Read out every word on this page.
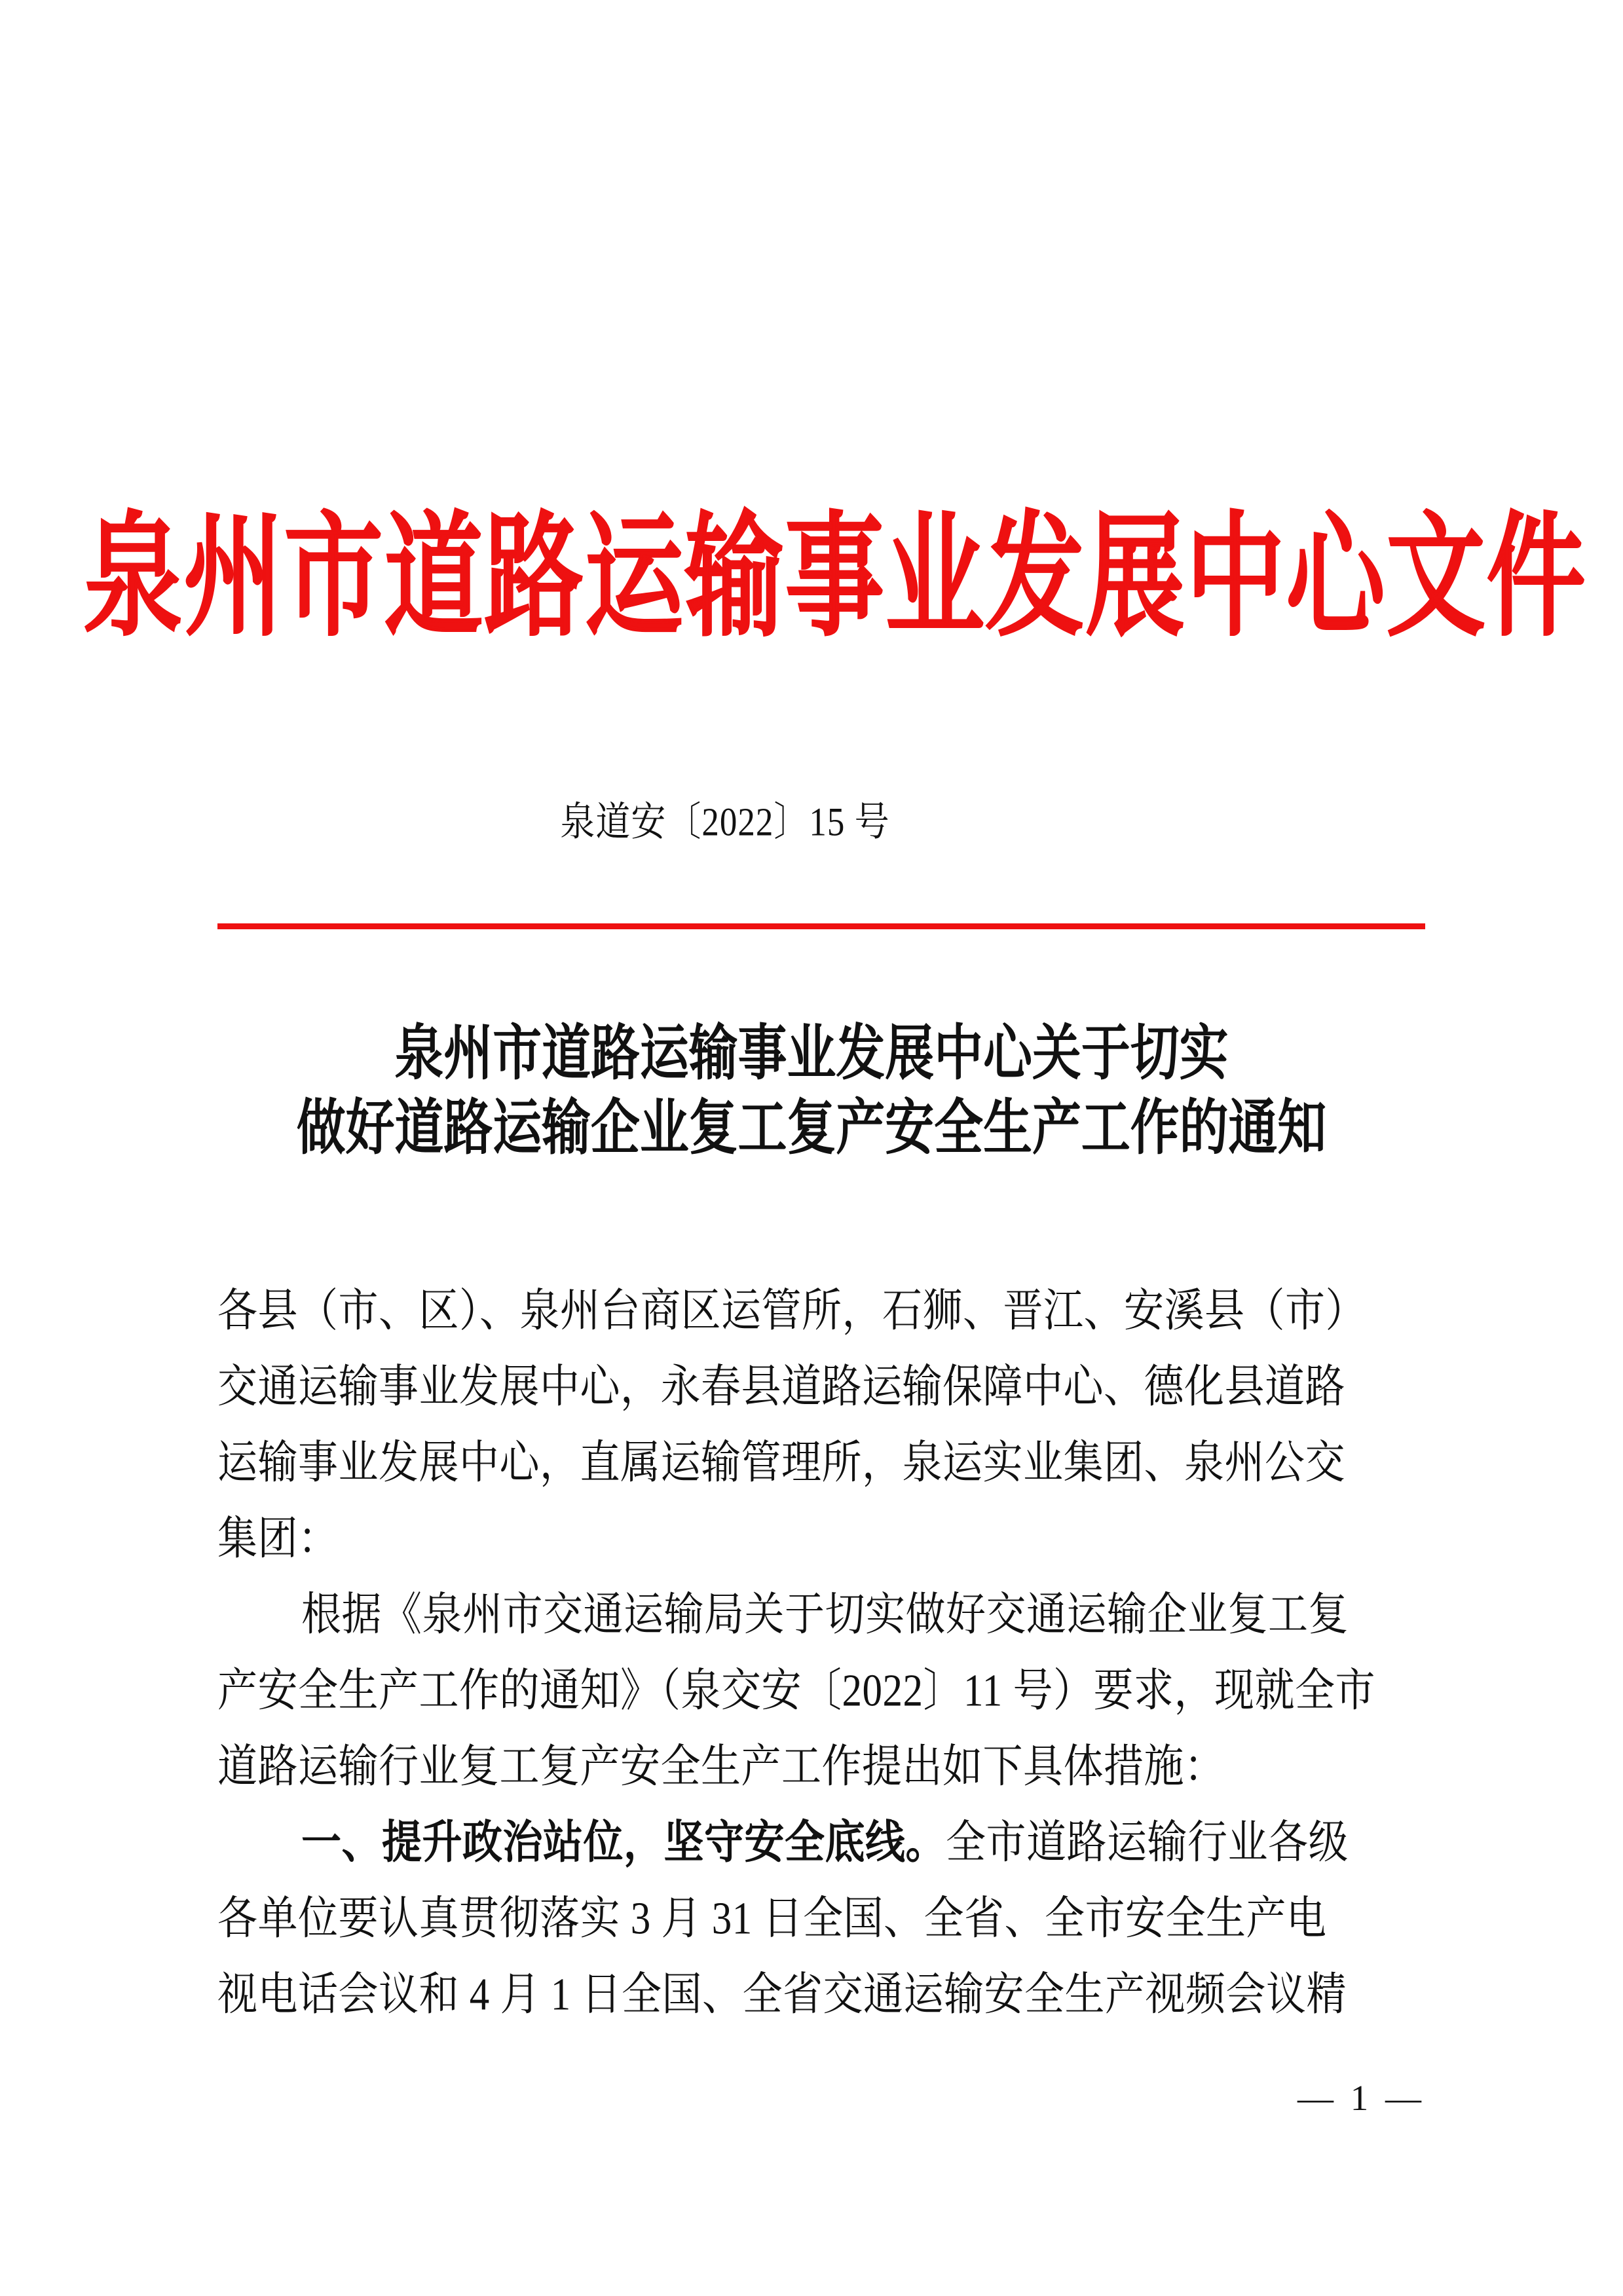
泉州市道路运输事业发展中心文件
泉道安〔2022〕15 号
泉州市道路运输事业发展中心关于切实
做好道路运输企业复工复产安全生产工作的通知
各县（市、区）、泉州台商区运管所，石狮、晋江、安溪县（市）
交通运输事业发展中心，永春县道路运输保障中心、德化县道路
运输事业发展中心，直属运输管理所，泉运实业集团、泉州公交
集团：
根据《泉州市交通运输局关于切实做好交通运输企业复工复
产安全生产工作的通知》（泉交安〔2022〕11 号）要求，现就全市
道路运输行业复工复产安全生产工作提出如下具体措施：
一、提升政治站位，坚守安全底线。全市道路运输行业各级
各单位要认真贯彻落实 3 月 31 日全国、全省、全市安全生产电
视电话会议和 4 月 1 日全国、全省交通运输安全生产视频会议精
— 1 —
